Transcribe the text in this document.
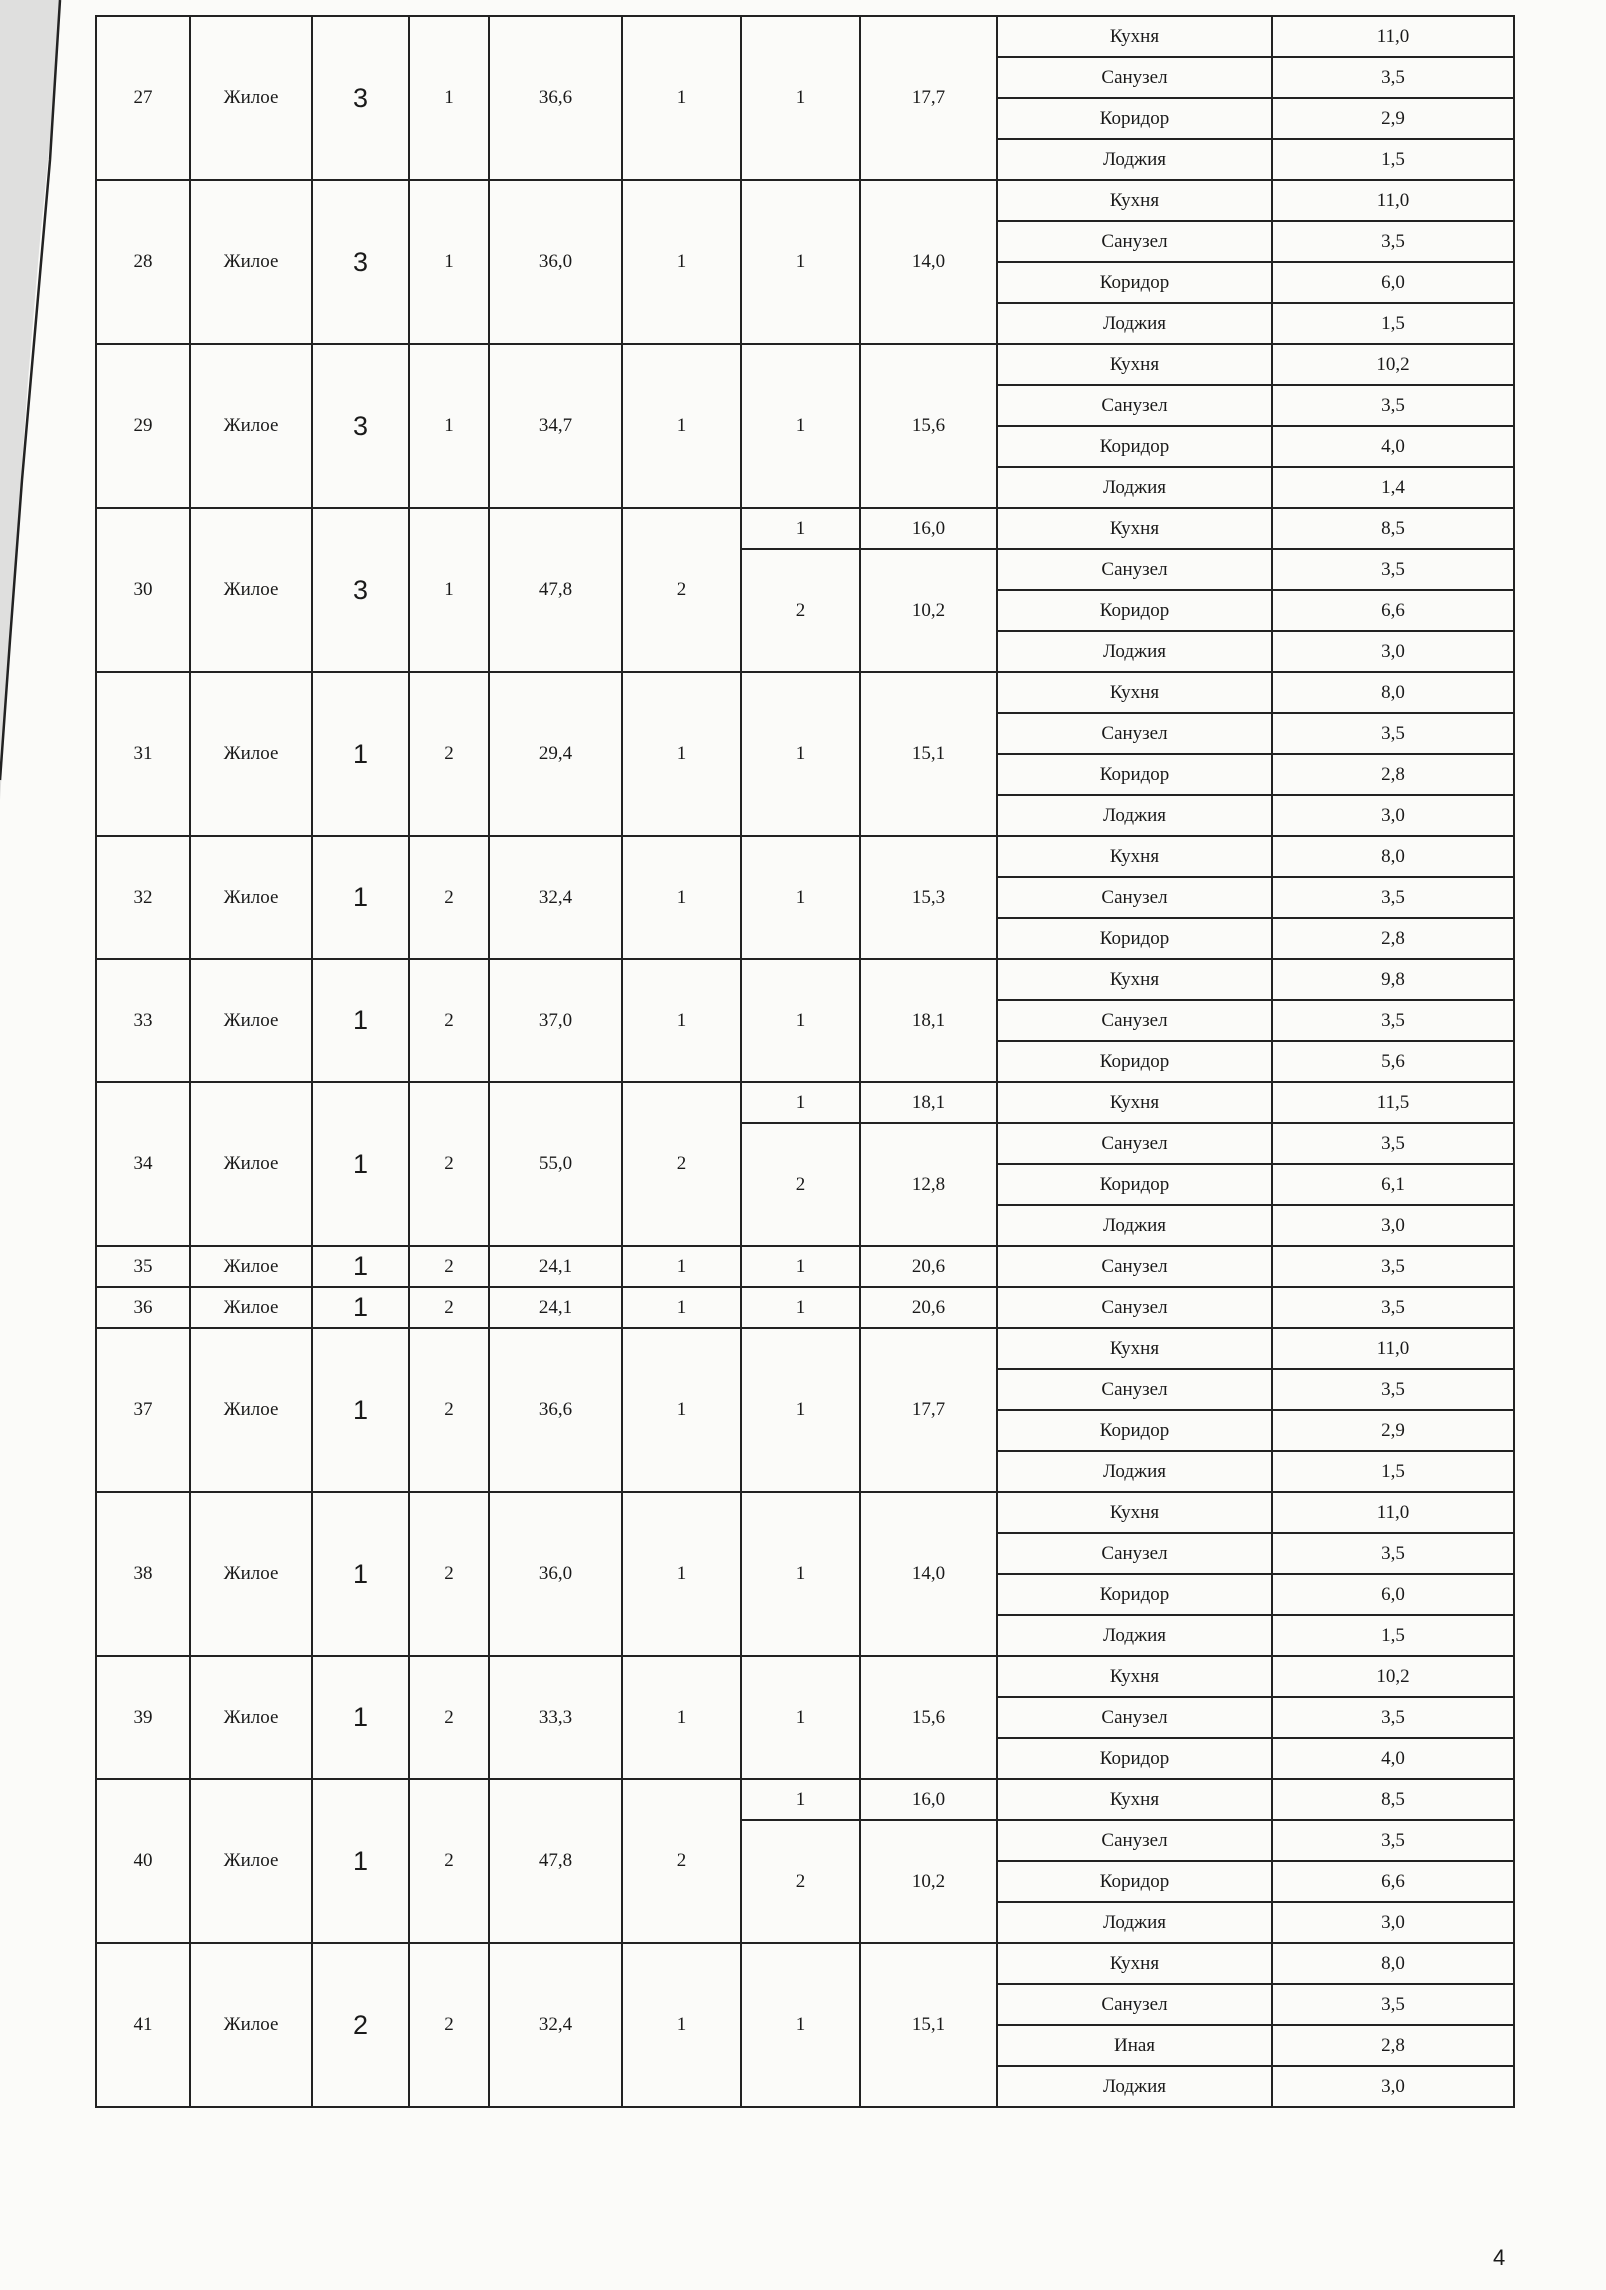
27	Жилое	3	1	36,6	1	1	17,7	Кухня	11,0
								Санузел	3,5
								Коридор	2,9
								Лоджия	1,5
28	Жилое	3	1	36,0	1	1	14,0	Кухня	11,0
								Санузел	3,5
								Коридор	6,0
								Лоджия	1,5
29	Жилое	3	1	34,7	1	1	15,6	Кухня	10,2
								Санузел	3,5
								Коридор	4,0
								Лоджия	1,4
30	Жилое	3	1	47,8	2	1	16,0	Кухня	8,5
						2	10,2	Санузел	3,5
								Коридор	6,6
								Лоджия	3,0
31	Жилое	1	2	29,4	1	1	15,1	Кухня	8,0
								Санузел	3,5
								Коридор	2,8
								Лоджия	3,0
32	Жилое	1	2	32,4	1	1	15,3	Кухня	8,0
								Санузел	3,5
								Коридор	2,8
33	Жилое	1	2	37,0	1	1	18,1	Кухня	9,8
								Санузел	3,5
								Коридор	5,6
34	Жилое	1	2	55,0	2	1	18,1	Кухня	11,5
						2	12,8	Санузел	3,5
								Коридор	6,1
								Лоджия	3,0
35	Жилое	1	2	24,1	1	1	20,6	Санузел	3,5
36	Жилое	1	2	24,1	1	1	20,6	Санузел	3,5
37	Жилое	1	2	36,6	1	1	17,7	Кухня	11,0
								Санузел	3,5
								Коридор	2,9
								Лоджия	1,5
38	Жилое	1	2	36,0	1	1	14,0	Кухня	11,0
								Санузел	3,5
								Коридор	6,0
								Лоджия	1,5
39	Жилое	1	2	33,3	1	1	15,6	Кухня	10,2
								Санузел	3,5
								Коридор	4,0
40	Жилое	1	2	47,8	2	1	16,0	Кухня	8,5
						2	10,2	Санузел	3,5
								Коридор	6,6
								Лоджия	3,0
41	Жилое	2	2	32,4	1	1	15,1	Кухня	8,0
								Санузел	3,5
								Иная	2,8
								Лоджия	3,0
4
